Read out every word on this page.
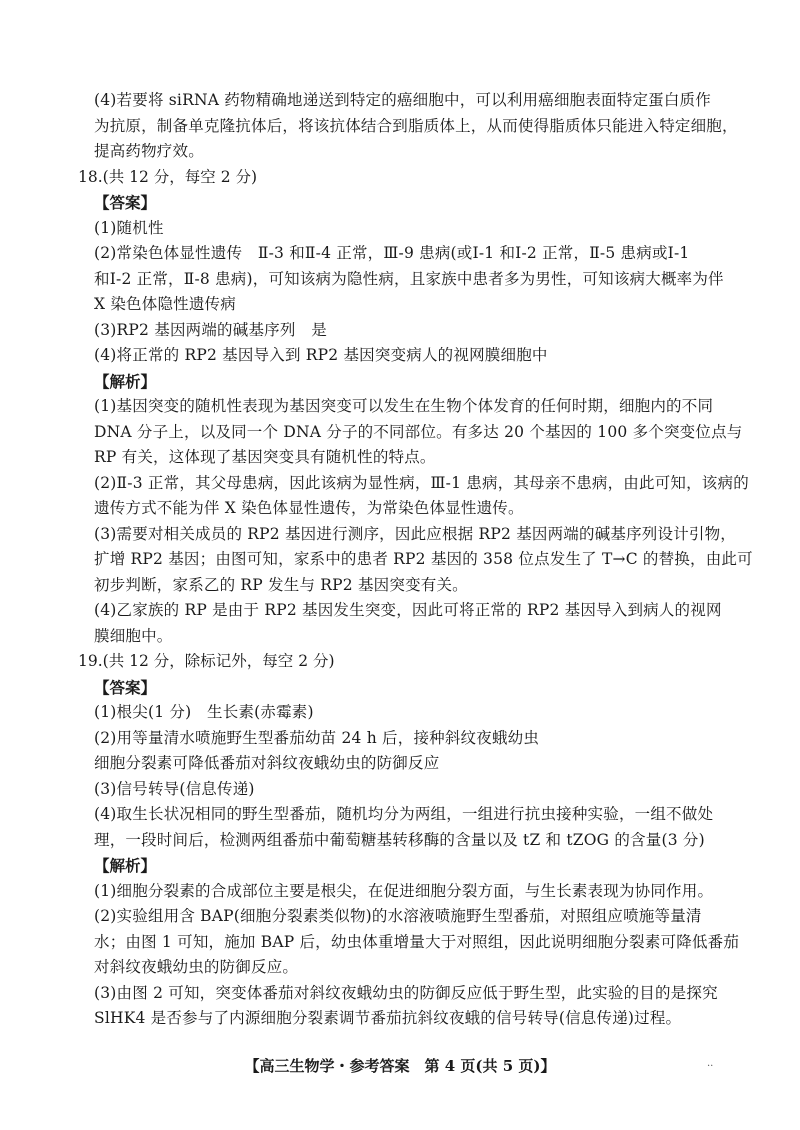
(4)若要将 siRNA 药物精确地递送到特定的癌细胞中，可以利用癌细胞表面特定蛋白质作
为抗原，制备单克隆抗体后，将该抗体结合到脂质体上，从而使得脂质体只能进入特定细胞，
提高药物疗效。
18.(共 12 分，每空 2 分)
【答案】
(1)随机性
(2)常染色体显性遗传　Ⅱ-3 和Ⅱ-4 正常，Ⅲ-9 患病(或Ⅰ-1 和Ⅰ-2 正常，Ⅱ-5 患病或Ⅰ-1
和Ⅰ-2 正常，Ⅱ-8 患病)，可知该病为隐性病，且家族中患者多为男性，可知该病大概率为伴
X 染色体隐性遗传病
(3)RP2 基因两端的碱基序列　是
(4)将正常的 RP2 基因导入到 RP2 基因突变病人的视网膜细胞中
【解析】
(1)基因突变的随机性表现为基因突变可以发生在生物个体发育的任何时期，细胞内的不同
DNA 分子上，以及同一个 DNA 分子的不同部位。有多达 20 个基因的 100 多个突变位点与
RP 有关，这体现了基因突变具有随机性的特点。
(2)Ⅱ-3 正常，其父母患病，因此该病为显性病，Ⅲ-1 患病，其母亲不患病，由此可知，该病的
遗传方式不能为伴 X 染色体显性遗传，为常染色体显性遗传。
(3)需要对相关成员的 RP2 基因进行测序，因此应根据 RP2 基因两端的碱基序列设计引物，
扩增 RP2 基因；由图可知，家系中的患者 RP2 基因的 358 位点发生了 T→C 的替换，由此可
初步判断，家系乙的 RP 发生与 RP2 基因突变有关。
(4)乙家族的 RP 是由于 RP2 基因发生突变，因此可将正常的 RP2 基因导入到病人的视网
膜细胞中。
19.(共 12 分，除标记外，每空 2 分)
【答案】
(1)根尖(1 分)　生长素(赤霉素)
(2)用等量清水喷施野生型番茄幼苗 24 h 后，接种斜纹夜蛾幼虫
细胞分裂素可降低番茄对斜纹夜蛾幼虫的防御反应
(3)信号转导(信息传递)
(4)取生长状况相同的野生型番茄，随机均分为两组，一组进行抗虫接种实验，一组不做处
理，一段时间后，检测两组番茄中葡萄糖基转移酶的含量以及 tZ 和 tZOG 的含量(3 分)
【解析】
(1)细胞分裂素的合成部位主要是根尖，在促进细胞分裂方面，与生长素表现为协同作用。
(2)实验组用含 BAP(细胞分裂素类似物)的水溶液喷施野生型番茄，对照组应喷施等量清
水；由图 1 可知，施加 BAP 后，幼虫体重增量大于对照组，因此说明细胞分裂素可降低番茄
对斜纹夜蛾幼虫的防御反应。
(3)由图 2 可知，突变体番茄对斜纹夜蛾幼虫的防御反应低于野生型，此实验的目的是探究
SlHK4 是否参与了内源细胞分裂素调节番茄抗斜纹夜蛾的信号转导(信息传递)过程。
【高三生物学・参考答案　第 4 页(共 5 页)】	..
